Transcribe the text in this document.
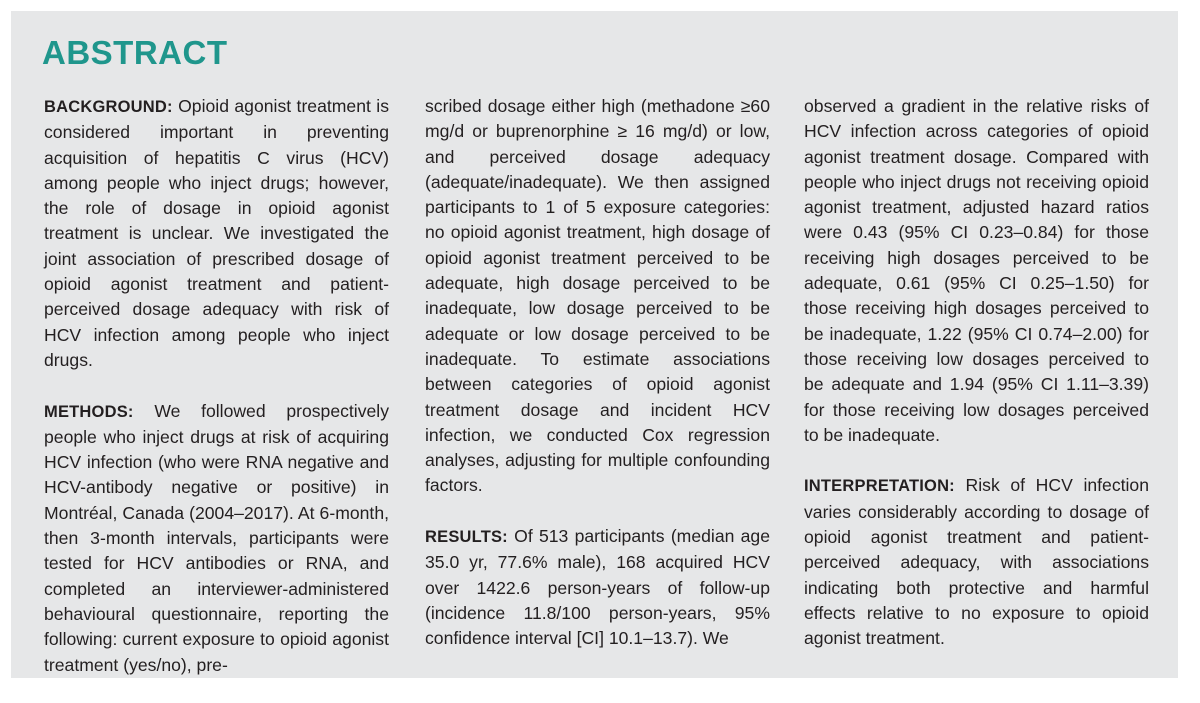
ABSTRACT

BACKGROUND: Opioid agonist treatment is considered important in preventing acquisition of hepatitis C virus (HCV) among people who inject drugs; however, the role of dosage in opioid agonist treatment is unclear. We investigated the joint association of prescribed dosage of opioid agonist treatment and patient-perceived dosage adequacy with risk of HCV infection among people who inject drugs.

METHODS: We followed prospectively people who inject drugs at risk of acquiring HCV infection (who were RNA negative and HCV-antibody negative or positive) in Montréal, Canada (2004–2017). At 6-month, then 3-month intervals, participants were tested for HCV antibodies or RNA, and completed an interviewer-administered behavioural questionnaire, reporting the following: current exposure to opioid agonist treatment (yes/no), pre-

scribed dosage either high (methadone ≥60 mg/d or buprenorphine ≥ 16 mg/d) or low, and perceived dosage adequacy (adequate/inadequate). We then assigned participants to 1 of 5 exposure categories: no opioid agonist treatment, high dosage of opioid agonist treatment perceived to be adequate, high dosage perceived to be inadequate, low dosage perceived to be adequate or low dosage perceived to be inadequate. To estimate associations between categories of opioid agonist treatment dosage and incident HCV infection, we conducted Cox regression analyses, adjusting for multiple confounding factors.

RESULTS: Of 513 participants (median age 35.0 yr, 77.6% male), 168 acquired HCV over 1422.6 person-years of follow-up (incidence 11.8/100 person-years, 95% confidence interval [CI] 10.1–13.7). We

observed a gradient in the relative risks of HCV infection across categories of opioid agonist treatment dosage. Compared with people who inject drugs not receiving opioid agonist treatment, adjusted hazard ratios were 0.43 (95% CI 0.23–0.84) for those receiving high dosages perceived to be adequate, 0.61 (95% CI 0.25–1.50) for those receiving high dosages perceived to be inadequate, 1.22 (95% CI 0.74–2.00) for those receiving low dosages perceived to be adequate and 1.94 (95% CI 1.11–3.39) for those receiving low dosages perceived to be inadequate.

INTERPRETATION: Risk of HCV infection varies considerably according to dosage of opioid agonist treatment and patient-perceived adequacy, with associations indicating both protective and harmful effects relative to no exposure to opioid agonist treatment.
